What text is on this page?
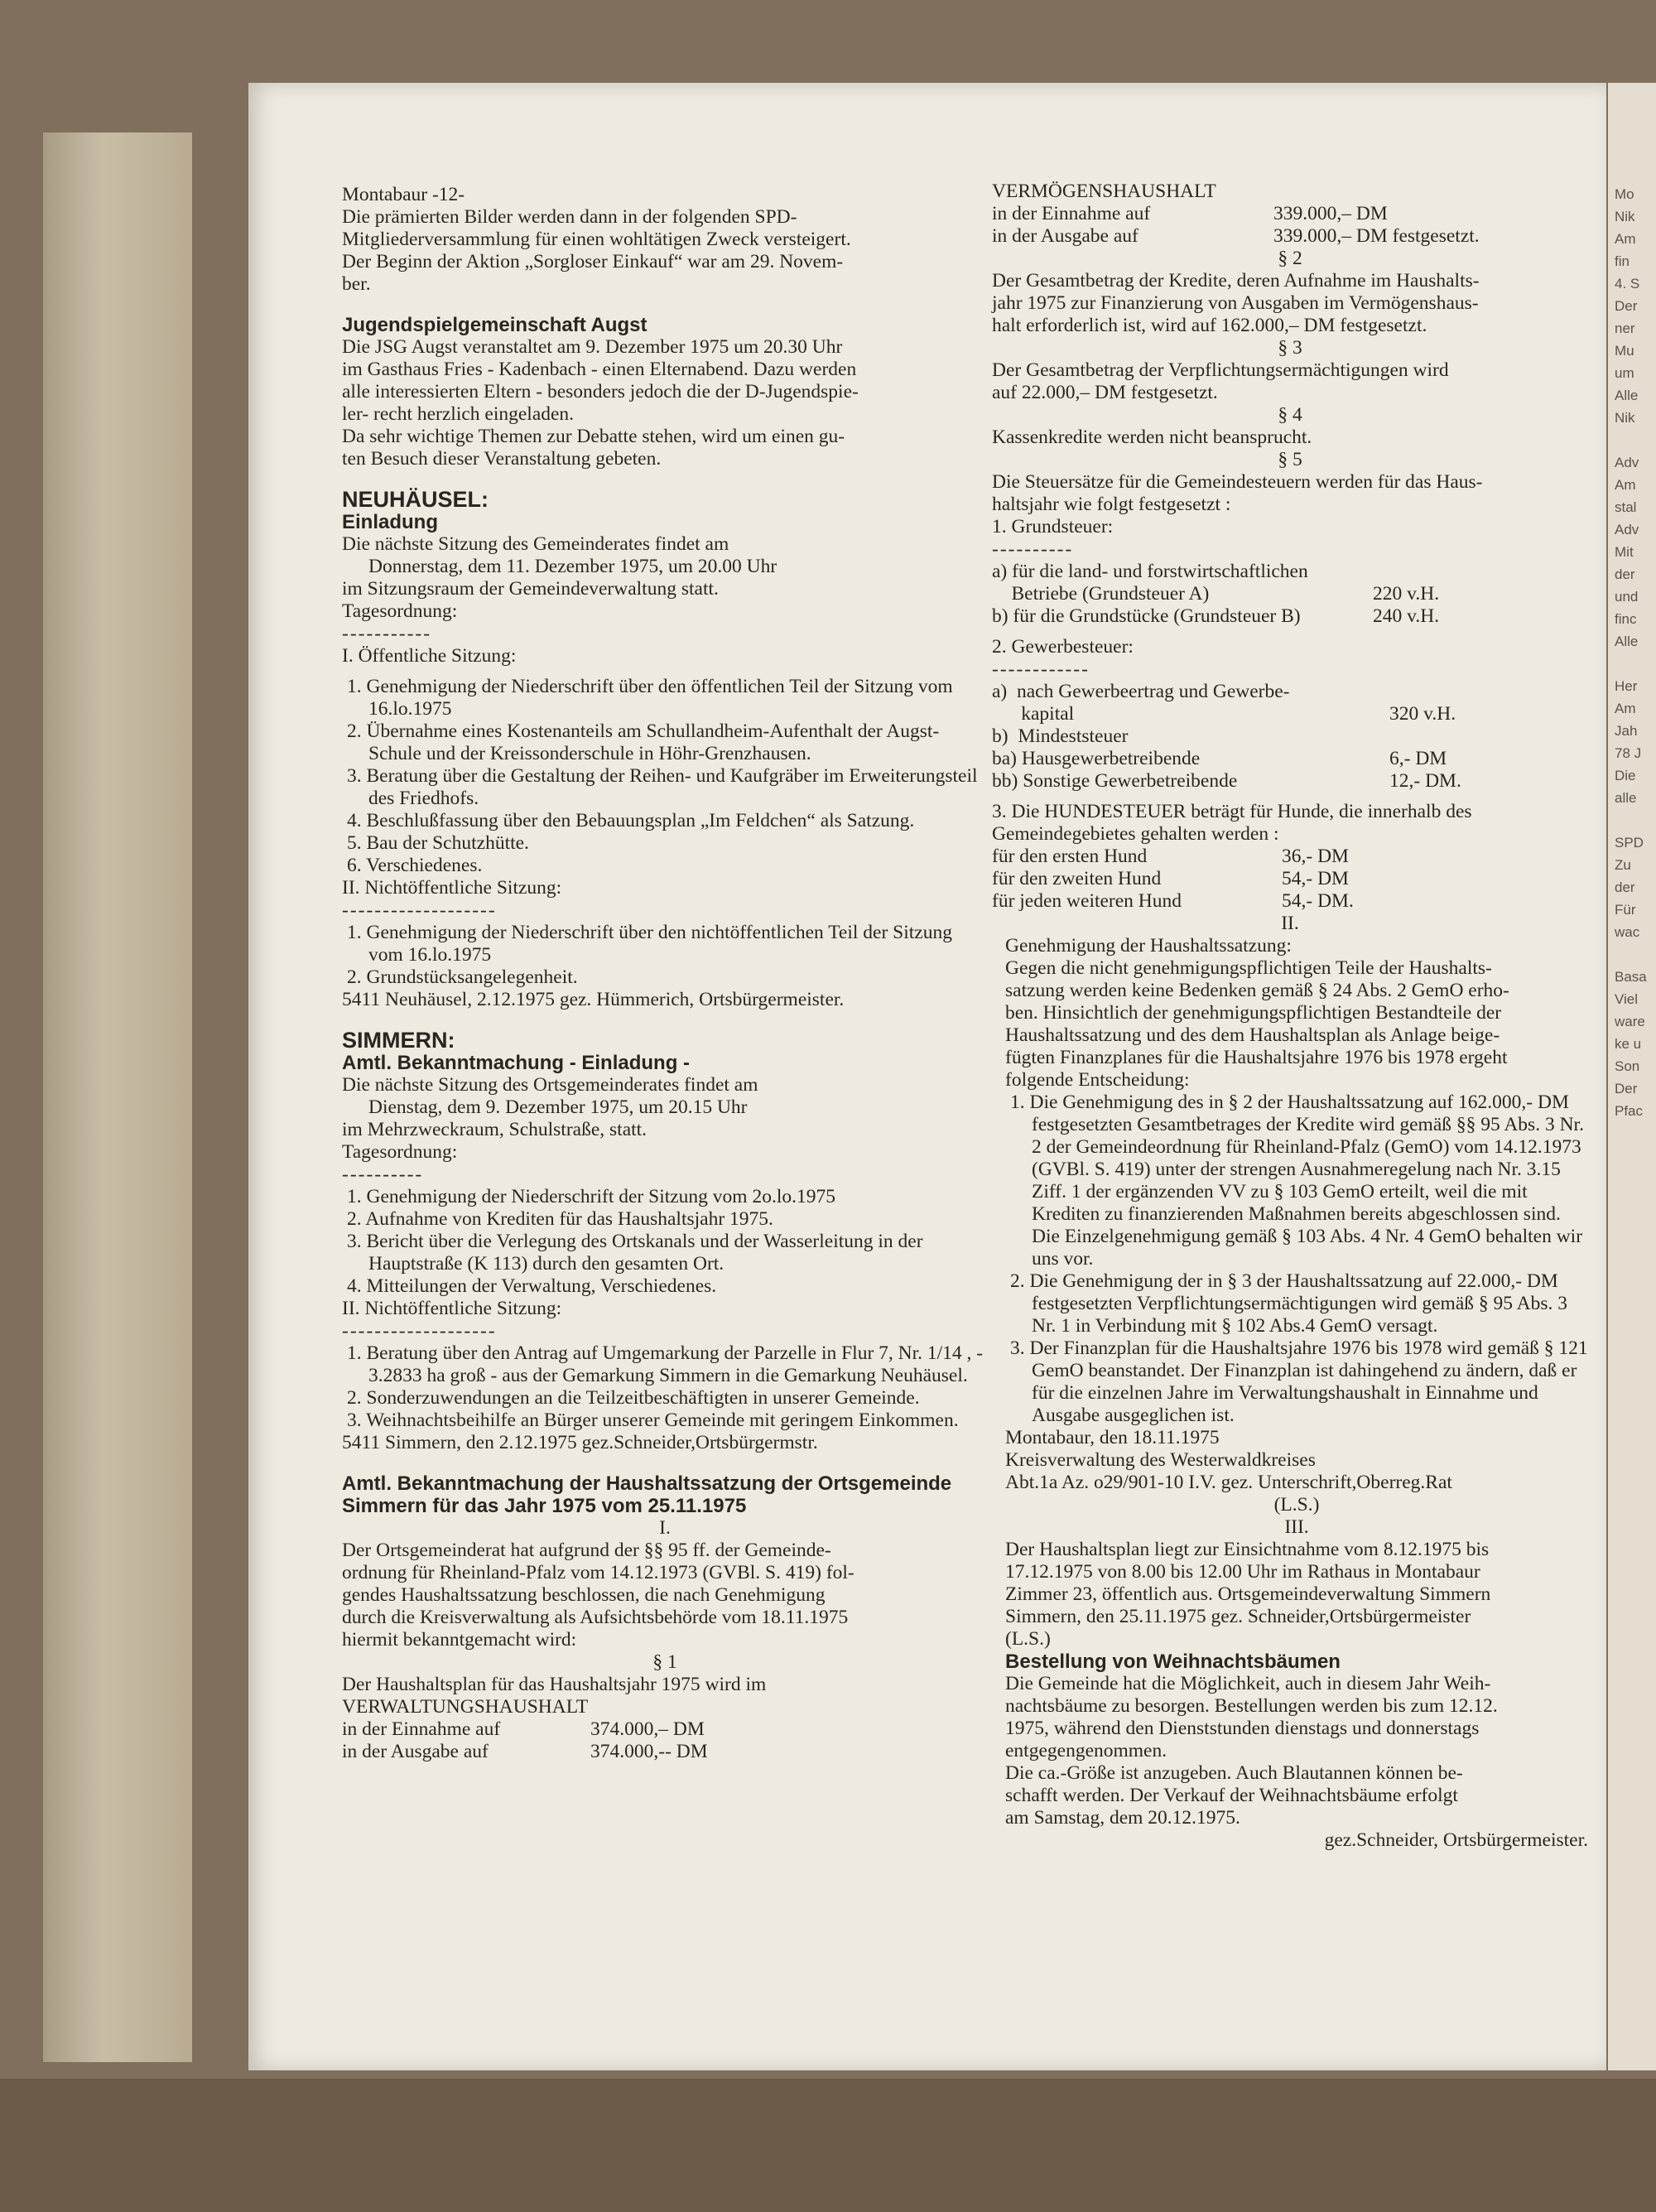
Montabaur -12-
Die prämierten Bilder werden dann in der folgenden SPD-
Mitgliederversammlung für einen wohltätigen Zweck versteigert.
Der Beginn der Aktion „Sorgloser Einkauf“ war am 29. Novem-
ber.
Jugendspielgemeinschaft Augst
Die JSG Augst veranstaltet am 9. Dezember 1975 um 20.30 Uhr
im Gasthaus Fries - Kadenbach - einen Elternabend. Dazu werden
alle interessierten Eltern - besonders jedoch die der D-Jugendspie-
ler- recht herzlich eingeladen.
Da sehr wichtige Themen zur Debatte stehen, wird um einen gu-
ten Besuch dieser Veranstaltung gebeten.
NEUHÄUSEL:
Einladung
Die nächste Sitzung des Gemeinderates findet am
Donnerstag, dem 11. Dezember 1975, um 20.00 Uhr
im Sitzungsraum der Gemeindeverwaltung statt.
Tagesordnung:
-----------
I. Öffentliche Sitzung:
1. Genehmigung der Niederschrift über den öffentlichen Teil der Sitzung vom 16.lo.1975
2. Übernahme eines Kostenanteils am Schullandheim-Aufenthalt der Augst-Schule und der Kreissonderschule in Höhr-Grenzhausen.
3. Beratung über die Gestaltung der Reihen- und Kaufgräber im Erweiterungsteil des Friedhofs.
4. Beschlußfassung über den Bebauungsplan „Im Feldchen“ als Satzung.
5. Bau der Schutzhütte.
6. Verschiedenes.
II. Nichtöffentliche Sitzung:
-------------------
1. Genehmigung der Niederschrift über den nichtöffentlichen Teil der Sitzung vom 16.lo.1975
2. Grundstücksangelegenheit.
5411 Neuhäusel, 2.12.1975 gez. Hümmerich, Ortsbürgermeister.
SIMMERN:
Amtl. Bekanntmachung - Einladung -
Die nächste Sitzung des Ortsgemeinderates findet am
Dienstag, dem 9. Dezember 1975, um 20.15 Uhr
im Mehrzweckraum, Schulstraße, statt.
Tagesordnung:
----------
1. Genehmigung der Niederschrift der Sitzung vom 2o.lo.1975
2. Aufnahme von Krediten für das Haushaltsjahr 1975.
3. Bericht über die Verlegung des Ortskanals und der Wasserleitung in der Hauptstraße (K 113) durch den gesamten Ort.
4. Mitteilungen der Verwaltung, Verschiedenes.
II. Nichtöffentliche Sitzung:
-------------------
1. Beratung über den Antrag auf Umgemarkung der Parzelle in Flur 7, Nr. 1/14 , - 3.2833 ha groß - aus der Gemarkung Simmern in die Gemarkung Neuhäusel.
2. Sonderzuwendungen an die Teilzeitbeschäftigten in unserer Gemeinde.
3. Weihnachtsbeihilfe an Bürger unserer Gemeinde mit geringem Einkommen.
5411 Simmern, den 2.12.1975 gez.Schneider,Ortsbürgermstr.
Amtl. Bekanntmachung der Haushaltssatzung der Ortsgemeinde
Simmern für das Jahr 1975 vom 25.11.1975
I.
Der Ortsgemeinderat hat aufgrund der §§ 95 ff. der Gemeinde-
ordnung für Rheinland-Pfalz vom 14.12.1973 (GVBl. S. 419) fol-
gendes Haushaltssatzung beschlossen, die nach Genehmigung
durch die Kreisverwaltung als Aufsichtsbehörde vom 18.11.1975
hiermit bekanntgemacht wird:
§ 1
Der Haushaltsplan für das Haushaltsjahr 1975 wird im
VERWALTUNGSHAUSHALT
in der Einnahme auf	374.000,– DM
in der Ausgabe auf	374.000,-- DM
VERMÖGENSHAUSHALT
in der Einnahme auf	339.000,– DM
in der Ausgabe auf	339.000,– DM festgesetzt.
§ 2
Der Gesamtbetrag der Kredite, deren Aufnahme im Haushalts-
jahr 1975 zur Finanzierung von Ausgaben im Vermögenshaus-
halt erforderlich ist, wird auf 162.000,– DM festgesetzt.
§ 3
Der Gesamtbetrag der Verpflichtungsermächtigungen wird
auf 22.000,– DM festgesetzt.
§ 4
Kassenkredite werden nicht beansprucht.
§ 5
Die Steuersätze für die Gemeindesteuern werden für das Haus-
haltsjahr wie folgt festgesetzt :
1. Grundsteuer:
----------
a) für die land- und forstwirtschaftlichen
Betriebe (Grundsteuer A)	220 v.H.
b) für die Grundstücke (Grundsteuer B)	240 v.H.
2. Gewerbesteuer:
------------
a)  nach Gewerbeertrag und Gewerbe-
kapital	320 v.H.
b)  Mindeststeuer
ba) Hausgewerbetreibende	6,- DM
bb) Sonstige Gewerbetreibende	12,- DM.
3. Die HUNDESTEUER beträgt für Hunde, die innerhalb des
Gemeindegebietes gehalten werden :
für den ersten Hund	36,- DM
für den zweiten Hund	54,- DM
für jeden weiteren Hund	54,- DM.
II.
Genehmigung der Haushaltssatzung:
Gegen die nicht genehmigungspflichtigen Teile der Haushalts-
satzung werden keine Bedenken gemäß § 24 Abs. 2 GemO erho-
ben. Hinsichtlich der genehmigungspflichtigen Bestandteile der
Haushaltssatzung und des dem Haushaltsplan als Anlage beige-
fügten Finanzplanes für die Haushaltsjahre 1976 bis 1978 ergeht
folgende Entscheidung:
1. Die Genehmigung des in § 2 der Haushaltssatzung auf 162.000,- DM festgesetzten Gesamtbetrages der Kredite wird gemäß §§ 95 Abs. 3 Nr. 2 der Gemeindeordnung für Rheinland-Pfalz (GemO) vom 14.12.1973 (GVBl. S. 419) unter der strengen Ausnahmeregelung nach Nr. 3.15 Ziff. 1 der ergänzenden VV zu § 103 GemO erteilt, weil die mit Krediten zu finanzierenden Maßnahmen bereits abgeschlossen sind. Die Einzelgenehmigung gemäß § 103 Abs. 4 Nr. 4 GemO behalten wir uns vor.
2. Die Genehmigung der in § 3 der Haushaltssatzung auf 22.000,- DM festgesetzten Verpflichtungsermächtigungen wird gemäß § 95 Abs. 3 Nr. 1 in Verbindung mit § 102 Abs.4 GemO versagt.
3. Der Finanzplan für die Haushaltsjahre 1976 bis 1978 wird gemäß § 121 GemO beanstandet. Der Finanzplan ist dahingehend zu ändern, daß er für die einzelnen Jahre im Verwaltungshaushalt in Einnahme und Ausgabe ausgeglichen ist.
Montabaur, den 18.11.1975
Kreisverwaltung des Westerwaldkreises
Abt.1a Az. o29/901-10 I.V. gez. Unterschrift,Oberreg.Rat
(L.S.)
III.
Der Haushaltsplan liegt zur Einsichtnahme vom 8.12.1975 bis
17.12.1975 von 8.00 bis 12.00 Uhr im Rathaus in Montabaur
Zimmer 23, öffentlich aus. Ortsgemeindeverwaltung Simmern
Simmern, den 25.11.1975 gez. Schneider,Ortsbürgermeister
(L.S.)
Bestellung von Weihnachtsbäumen
Die Gemeinde hat die Möglichkeit, auch in diesem Jahr Weih-
nachtsbäume zu besorgen. Bestellungen werden bis zum 12.12.
1975, während den Dienststunden dienstags und donnerstags
entgegengenommen.
Die ca.-Größe ist anzugeben. Auch Blautannen können be-
schafft werden. Der Verkauf der Weihnachtsbäume erfolgt
am Samstag, dem 20.12.1975.
gez.Schneider, Ortsbürgermeister.
Mo
Nik
Am
fin
4. S
Der
ner
Mu
um
Alle
Nik
Adv
Am
stal
Adv
Mit
der
und
finc
Alle
Her
Am
Jah
78 J
Die
alle
SPD
Zu
der
Für
wac
Basa
Viel
ware
ke u
Son
Der
Pfac
